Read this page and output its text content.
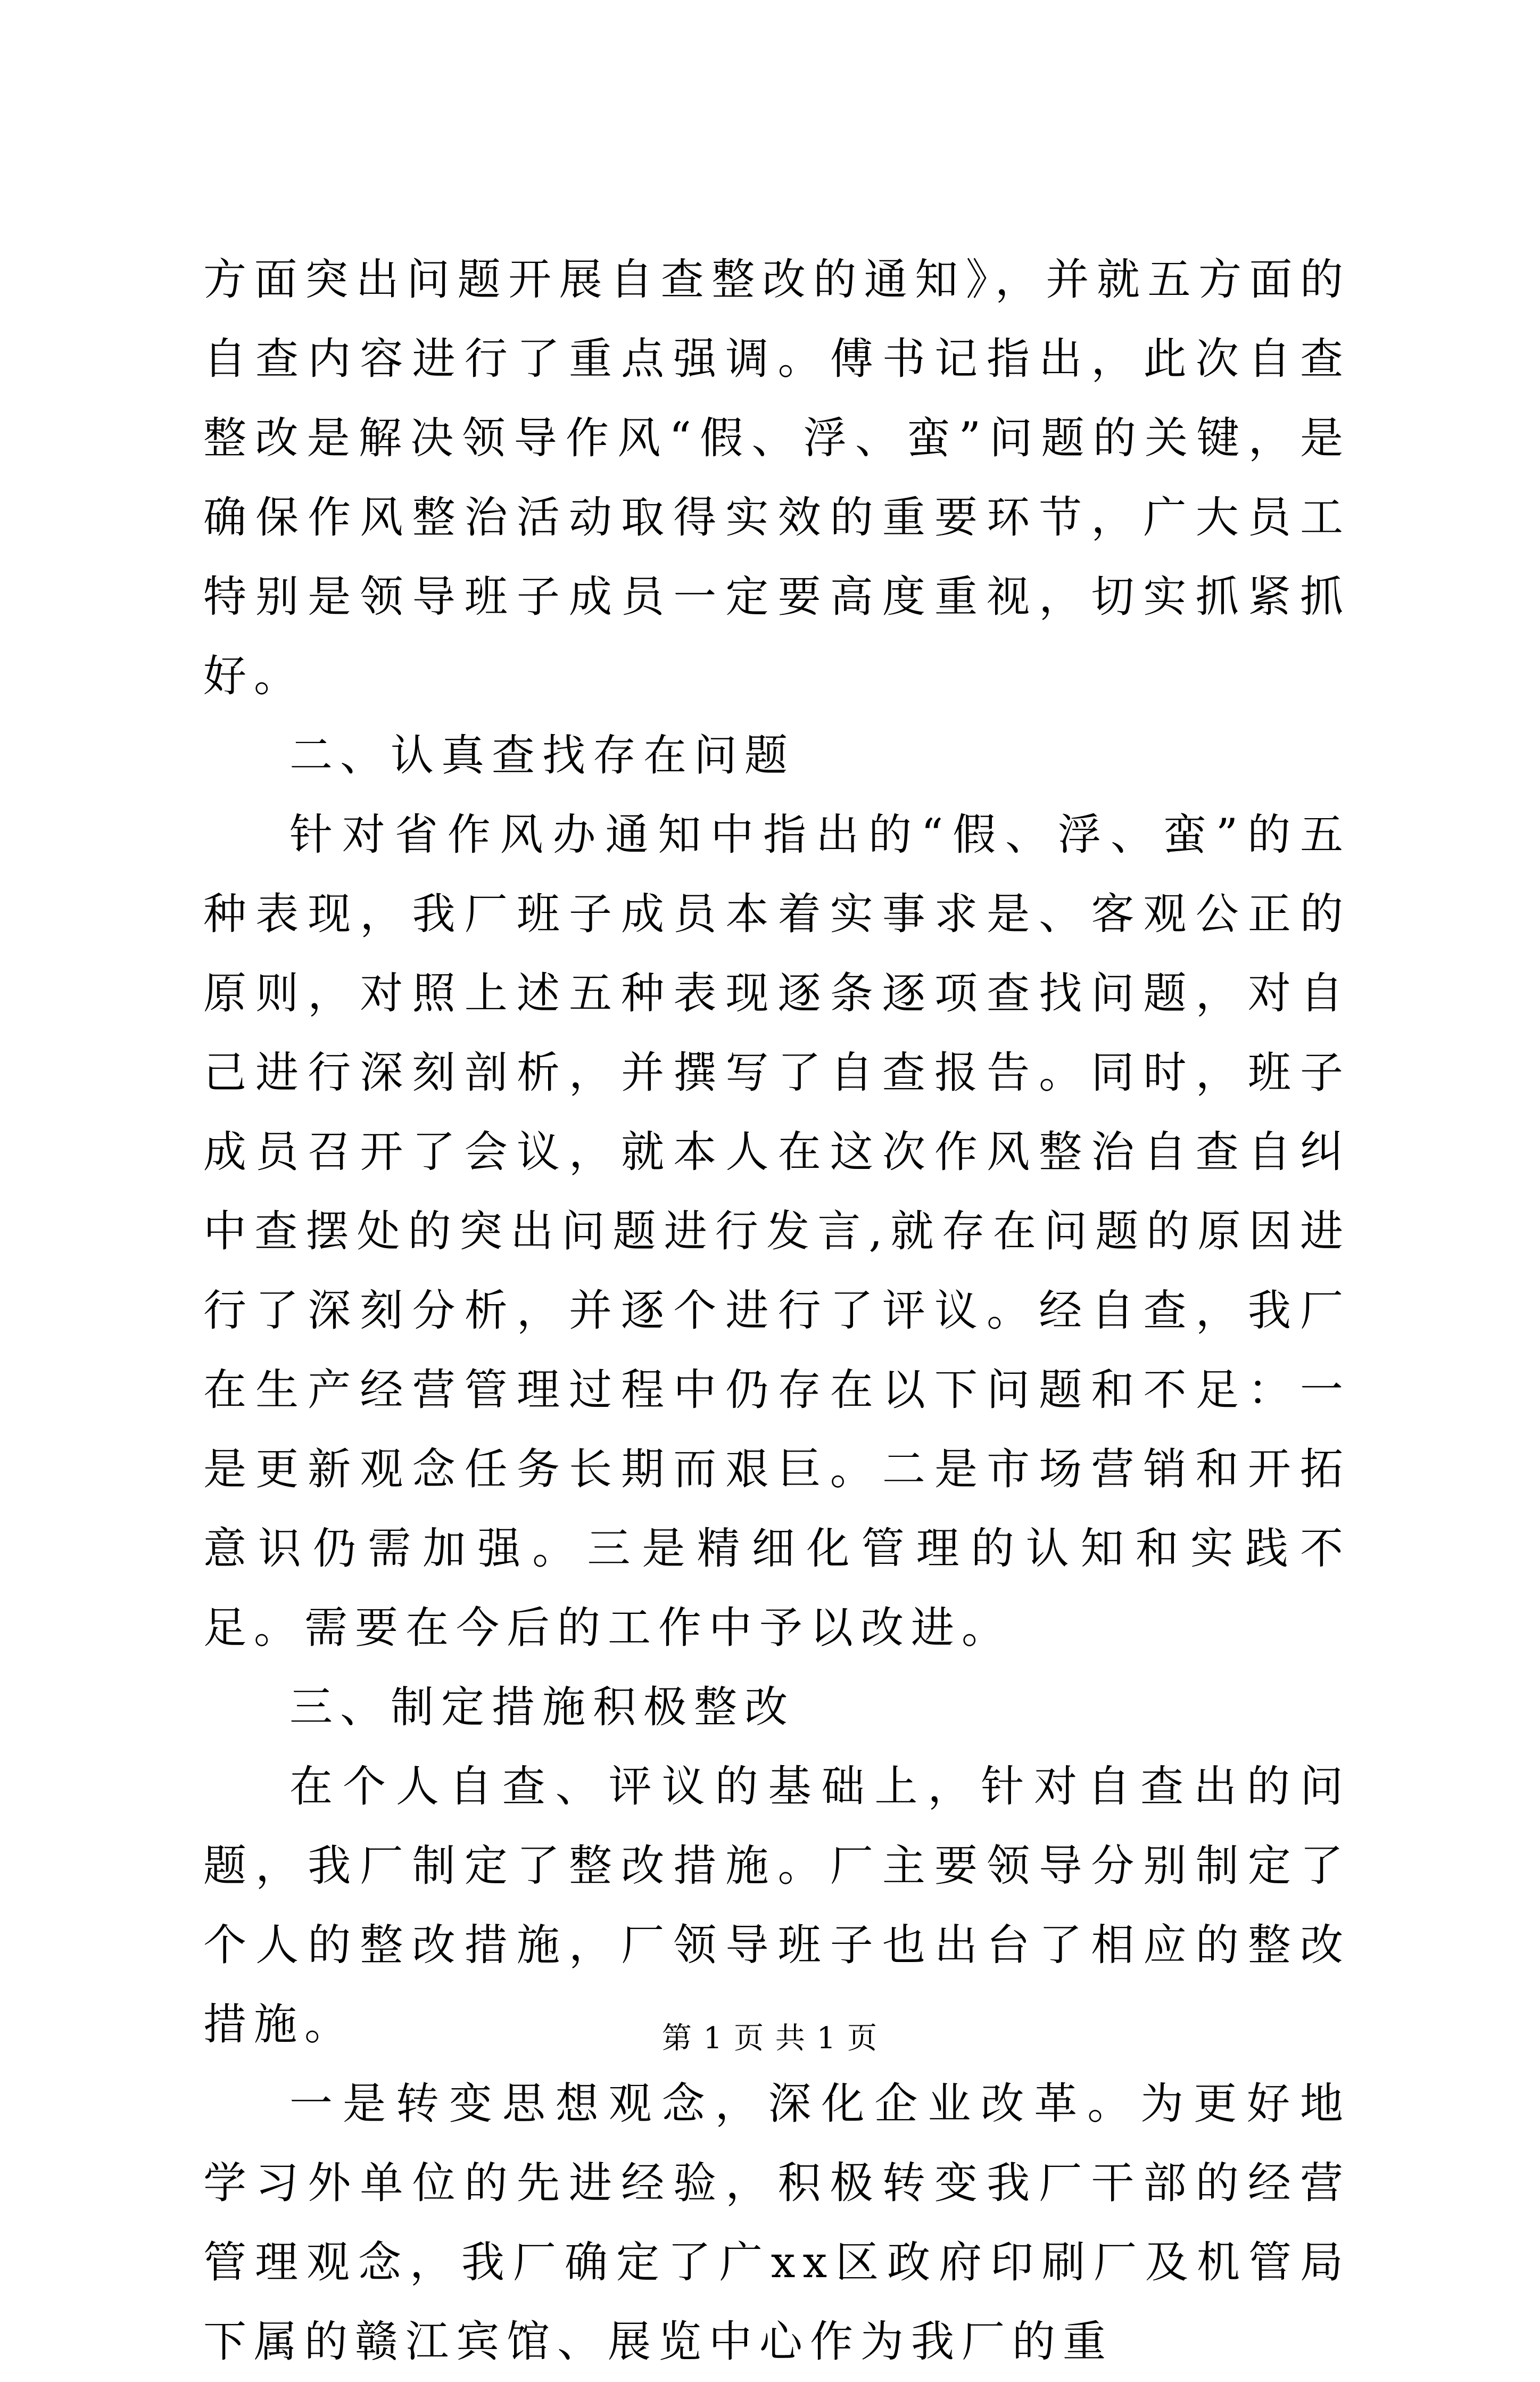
方面突出问题开展自查整改的通知》，并就五方面的自查内容进行了重点强调。傅书记指出，此次自查整改是解决领导作风“假、浮、蛮”问题的关键，是确保作风整治活动取得实效的重要环节，广大员工特别是领导班子成员一定要高度重视，切实抓紧抓好。

二、认真查找存在问题

针对省作风办通知中指出的“假、浮、蛮”的五种表现，我厂班子成员本着实事求是、客观公正的原则，对照上述五种表现逐条逐项查找问题，对自己进行深刻剖析，并撰写了自查报告。同时，班子成员召开了会议，就本人在这次作风整治自查自纠中查摆处的突出问题进行发言,就存在问题的原因进行了深刻分析，并逐个进行了评议。经自查，我厂在生产经营管理过程中仍存在以下问题和不足：一是更新观念任务长期而艰巨。二是市场营销和开拓意识仍需加强。三是精细化管理的认知和实践不足。需要在今后的工作中予以改进。

三、制定措施积极整改

在个人自查、评议的基础上，针对自查出的问题，我厂制定了整改措施。厂主要领导分别制定了个人的整改措施，厂领导班子也出台了相应的整改措施。

一是转变思想观念，深化企业改革。为更好地学习外单位的先进经验，积极转变我厂干部的经营管理观念，我厂确定了广xx区政府印刷厂及机管局下属的赣江宾馆、展览中心作为我厂的重

第 1 页 共 1 页
